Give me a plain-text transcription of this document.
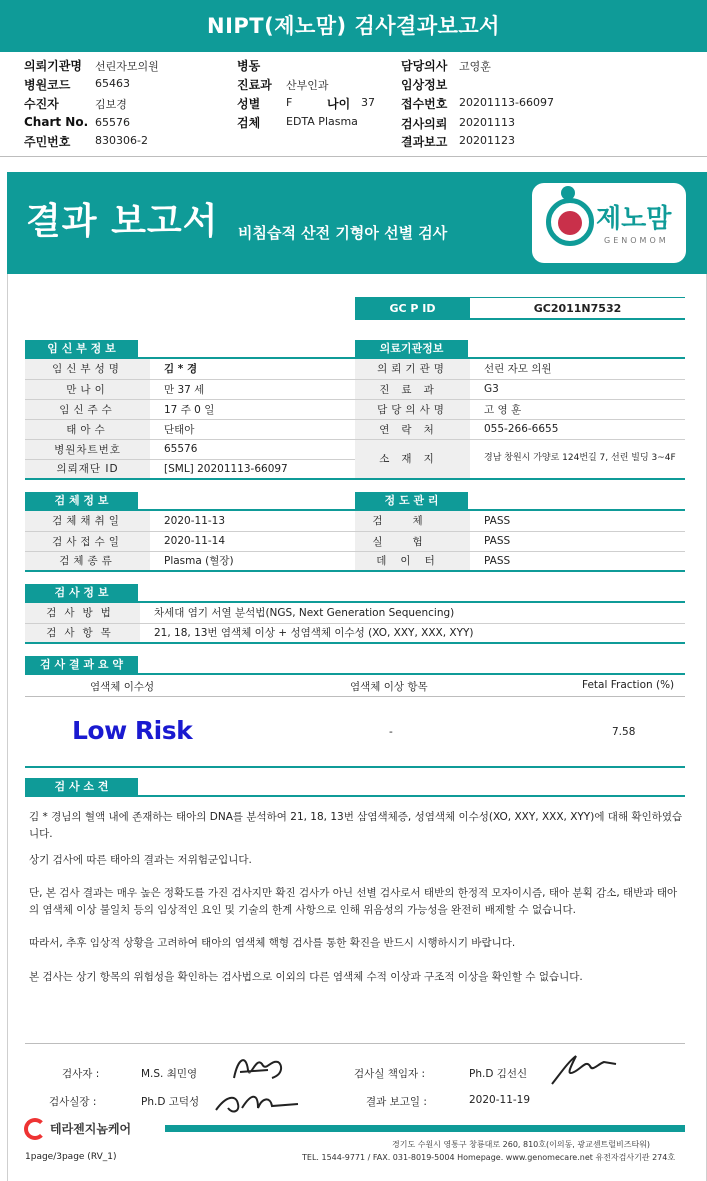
NIPT(제노맘) 검사결과보고서
의뢰기관명 선린자모의원
병원코드 65463
수진자	김보경
Chart No. 65576
주민번호 830306-2
병동
진료과 산부인과
성별 F	나이 37
검체 EDTA Plasma
담당의사 고영훈
임상정보
접수번호 20201113-66097
검사의뢰 20201113
결과보고 20201123
결과 보고서 비침습적 산전 기형아 선별 검사	제노맘
GENOMOM
GC P ID	GC2011N7532
임 신 부 정 보
임신부성명	김 * 경
만나이	만 37 세
임신주수	17 주 0 일
태아수	단태아
병원차트번호	65576
의뢰재단 ID	[SML] 20201113-66097
의료기관정보
의뢰기관명	선린 자모 의원
진료과	G3
담당의사명	고 영 훈
연락처	055-266-6655
소재지	경남 창원시 가양로 124번길 7, 선린 빌딩 3~4F
검 체 정 보
검체채취일	2020-11-13
검사접수일	2020-11-14
검체종류	Plasma (혈장)
정 도 관 리
검체	PASS
실험	PASS
데이터	PASS
검 사 정 보
검사방법	차세대 염기 서열 분석법(NGS, Next Generation Sequencing)
검사항목	21, 18, 13번 염색체 이상 + 성염색체 이수성 (XO, XXY, XXX, XYY)
검 사 결 과 요 약
염색체 이수성	염색체 이상 항목	Fetal Fraction (%)
Low Risk	-	7.58
검 사 소 견

김 * 경님의 혈액 내에 존재하는 태아의 DNA를 분석하여 21, 18, 13번 삼염색체증, 성염색체 이수성(XO, XXY, XXX, XYY)에 대해 확인하였습니다.

상기 검사에 따른 태아의 결과는 저위험군입니다.

단, 본 검사 결과는 매우 높은 정확도를 가진 검사지만 확진 검사가 아닌 선별 검사로서 태반의 한정적 모자이시즘, 태아 분획 감소, 태반과 태아의 염색체 이상 불일치 등의 임상적인 요인 및 기술의 한계 사항으로 인해 위음성의 가능성을 완전히 배제할 수 없습니다.

따라서, 추후 임상적 상황을 고려하여 태아의 염색체 핵형 검사를 통한 확진을 반드시 시행하시기 바랍니다.

본 검사는 상기 항목의 위험성을 확인하는 검사법으로 이외의 다른 염색체 수적 이상과 구조적 이상을 확인할 수 없습니다.

검사자 :	M.S. 최민영
검사실장 :	Ph.D 고덕성
검사실 책임자 :	Ph.D 김선신
결과 보고일 :	2020-11-19
테라젠지놈케어
경기도 수원시 영통구 창룡대로 260, 810호(이의동, 광교센트럴비즈타워)
TEL. 1544-9771 / FAX. 031-8019-5004 Homepage. www.genomecare.net 유전자검사기관 274호
1page/3page (RV_1)
